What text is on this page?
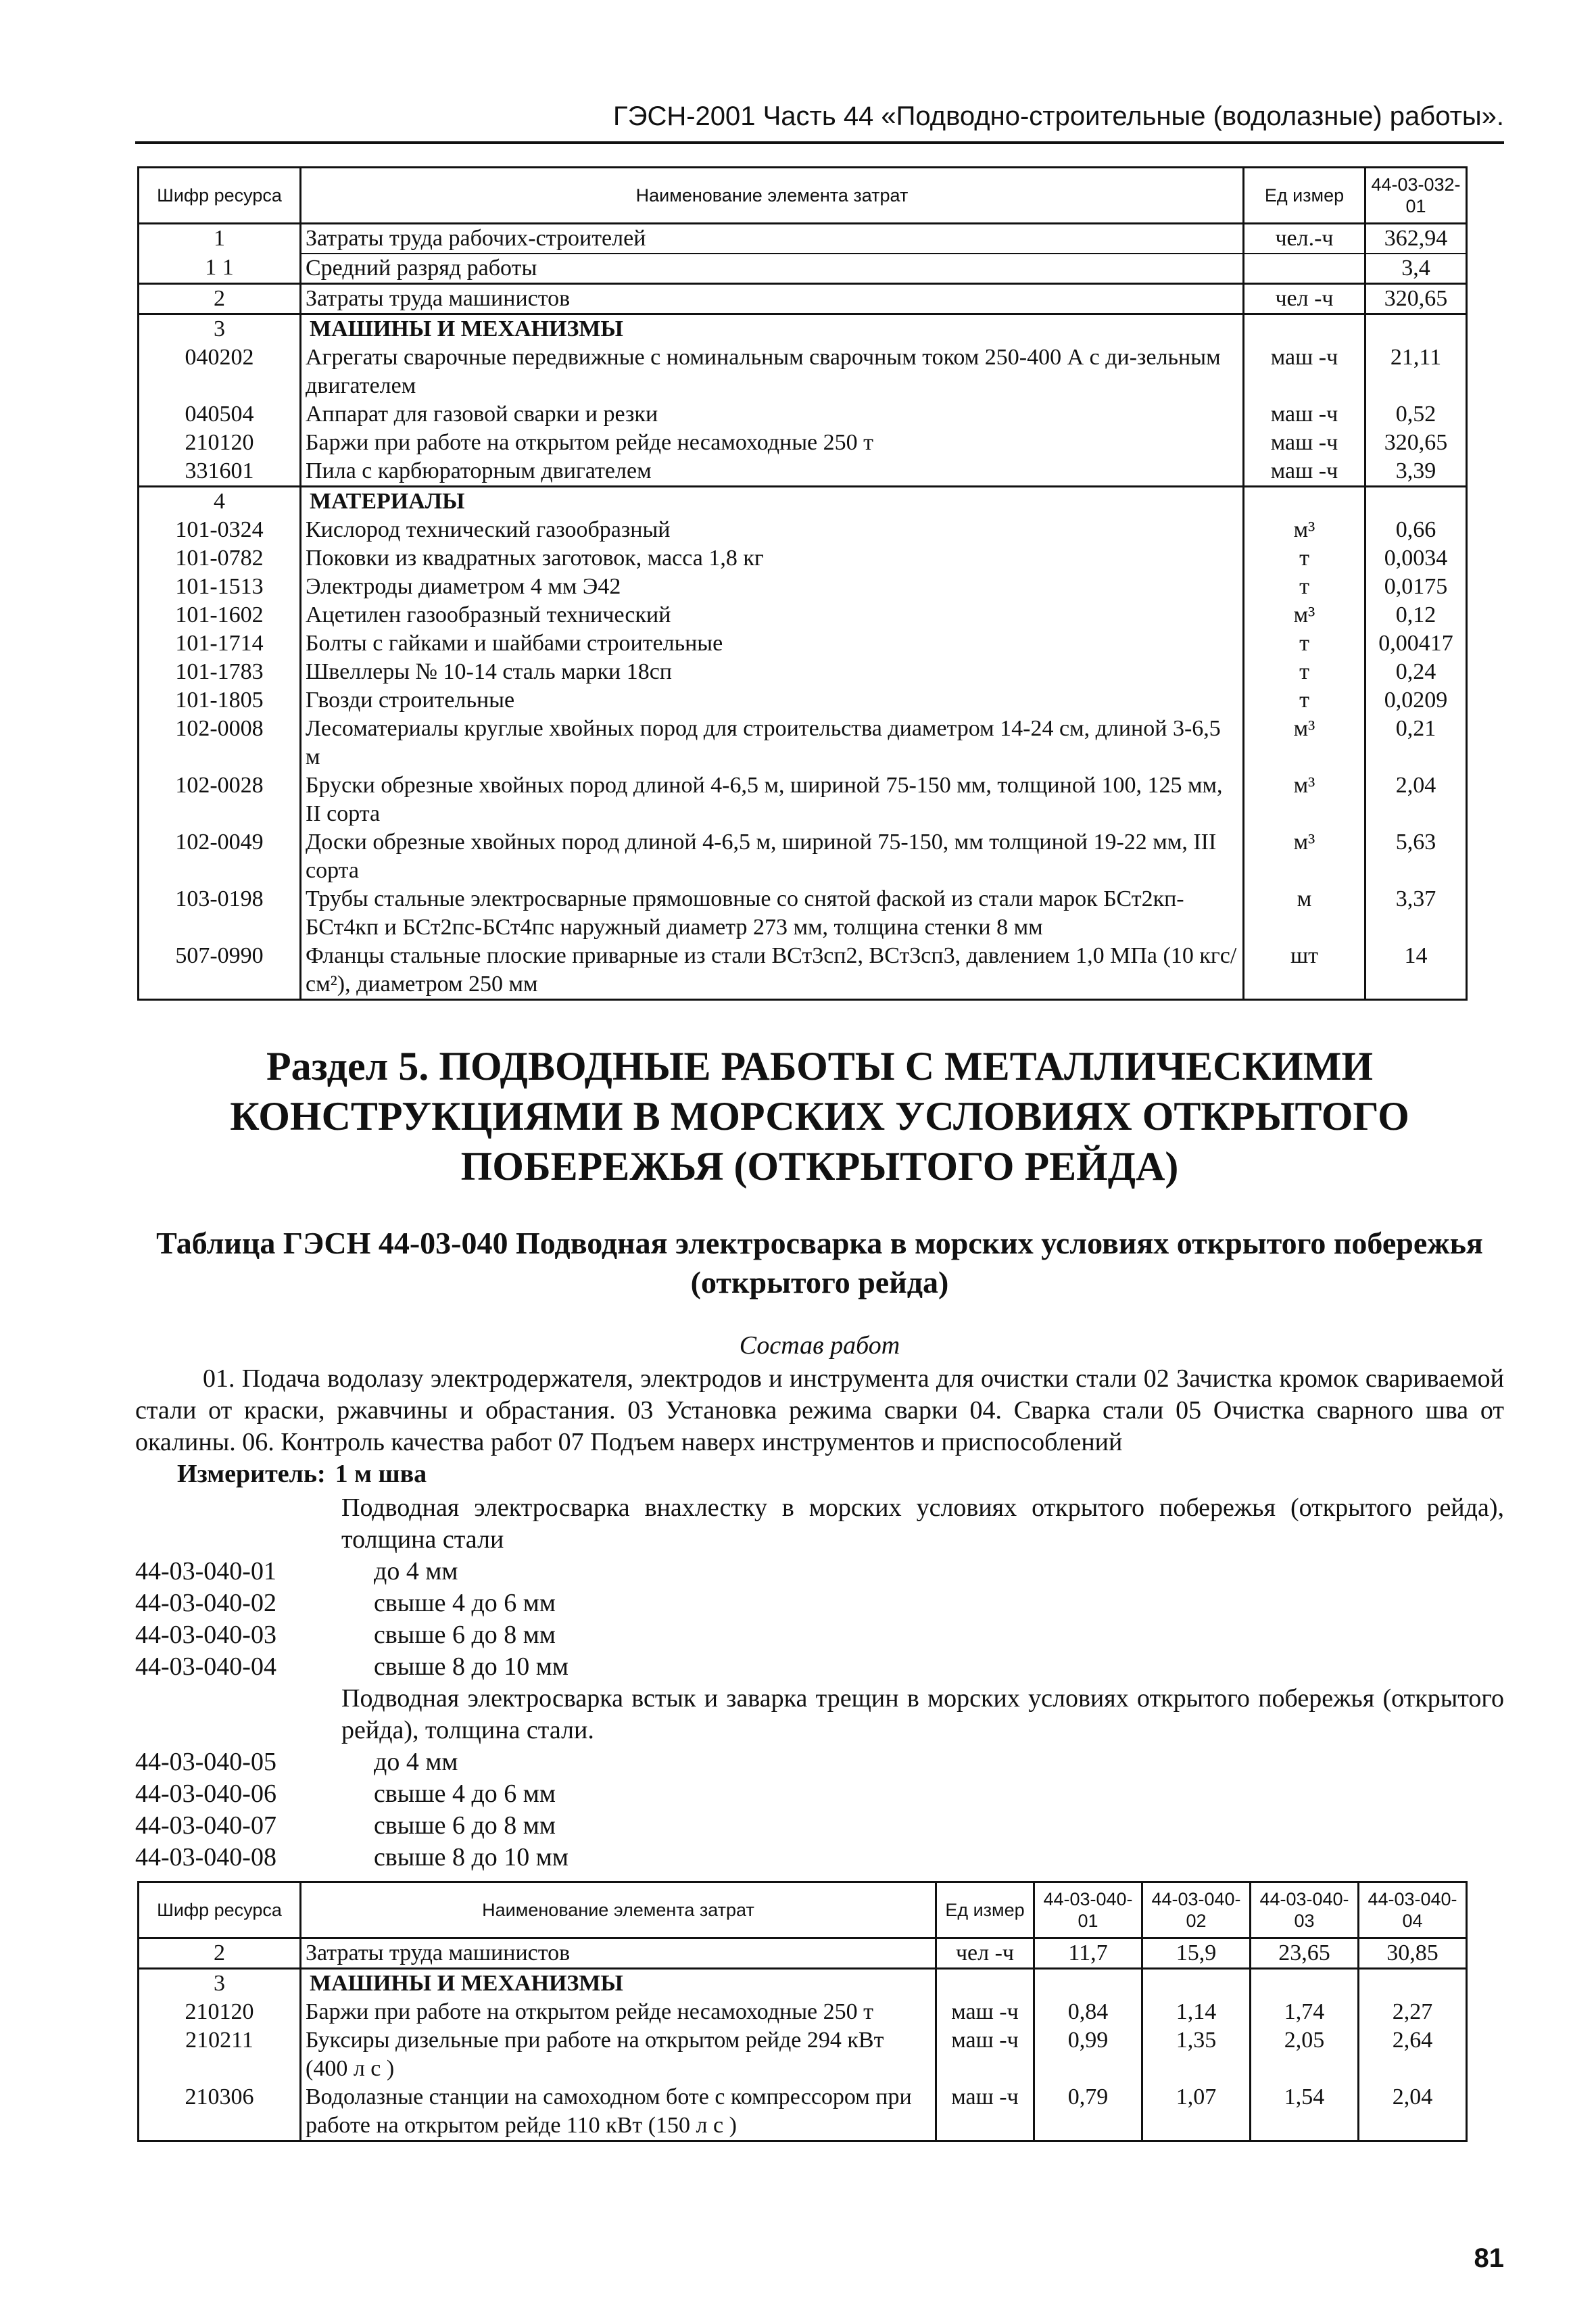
ГЭСН-2001 Часть 44 «Подводно-строительные (водолазные) работы».
Шифр ресурса	Наименование элемента затрат	Ед измер	44-03-032-01
1	Затраты труда рабочих-строителей	чел.-ч	362,94
1 1	Средний разряд работы		3,4
2	Затраты труда машинистов	чел -ч	320,65
3	МАШИНЫ И МЕХАНИЗМЫ		
040202	Агрегаты сварочные передвижные с номинальным сварочным током 250-400 А с ди-зельным двигателем	маш -ч	21,11
040504	Аппарат для газовой сварки и резки	маш -ч	0,52
210120	Баржи при работе на открытом рейде несамоходные 250 т	маш -ч	320,65
331601	Пила с карбюраторным двигателем	маш -ч	3,39
4	МАТЕРИАЛЫ		
101-0324	Кислород технический газообразный	м³	0,66
101-0782	Поковки из квадратных заготовок, масса 1,8 кг	т	0,0034
101-1513	Электроды диаметром 4 мм Э42	т	0,0175
101-1602	Ацетилен газообразный технический	м³	0,12
101-1714	Болты с гайками и шайбами строительные	т	0,00417
101-1783	Швеллеры № 10-14 сталь марки 18сп	т	0,24
101-1805	Гвозди строительные	т	0,0209
102-0008	Лесоматериалы круглые хвойных пород для строительства диаметром 14-24 см, длиной 3-6,5 м	м³	0,21
102-0028	Бруски обрезные хвойных пород длиной 4-6,5 м, шириной 75-150 мм, толщиной 100, 125 мм, II сорта	м³	2,04
102-0049	Доски обрезные хвойных пород длиной 4-6,5 м, шириной 75-150, мм толщиной 19-22 мм, III сорта	м³	5,63
103-0198	Трубы стальные электросварные прямошовные со снятой фаской из стали марок БСт2кп-БСт4кп и БСт2пс-БСт4пс наружный диаметр 273 мм, толщина стенки 8 мм	м	3,37
507-0990	Фланцы стальные плоские приварные из стали ВСт3сп2, ВСт3сп3, давлением 1,0 МПа (10 кгс/см²), диаметром 250 мм	шт	14
Раздел 5. ПОДВОДНЫЕ РАБОТЫ С МЕТАЛЛИЧЕСКИМИ КОНСТРУКЦИЯМИ В МОРСКИХ УСЛОВИЯХ ОТКРЫТОГО ПОБЕРЕЖЬЯ (ОТКРЫТОГО РЕЙДА)
Таблица ГЭСН 44-03-040 Подводная электросварка в морских условиях открытого побережья (открытого рейда)
Состав работ
01. Подача водолазу электродержателя, электродов и инструмента для очистки стали 02 Зачистка кромок свариваемой стали от краски, ржавчины и обрастания. 03 Установка режима сварки 04. Сварка стали 05 Очистка сварного шва от окалины. 06. Контроль качества работ 07 Подъем наверх инструментов и приспособлений
Измеритель: 1 м шва
Подводная электросварка внахлестку в морских условиях открытого побережья (открытого рейда), толщина стали
44-03-040-01	до 4 мм
44-03-040-02	свыше 4 до 6 мм
44-03-040-03	свыше 6 до 8 мм
44-03-040-04	свыше 8 до 10 мм
Подводная электросварка встык и заварка трещин в морских условиях открытого побережья (открытого рейда), толщина стали.
44-03-040-05	до 4 мм
44-03-040-06	свыше 4 до 6 мм
44-03-040-07	свыше 6 до 8 мм
44-03-040-08	свыше 8 до 10 мм
Шифр ресурса	Наименование элемента затрат	Ед измер	44-03-040-01	44-03-040-02	44-03-040-03	44-03-040-04
2	Затраты труда машинистов	чел -ч	11,7	15,9	23,65	30,85
3	МАШИНЫ И МЕХАНИЗМЫ					
210120	Баржи при работе на открытом рейде несамоходные 250 т	маш -ч	0,84	1,14	1,74	2,27
210211	Буксиры дизельные при работе на открытом рейде 294 кВт (400 л с )	маш -ч	0,99	1,35	2,05	2,64
210306	Водолазные станции на самоходном боте с компрессором при работе на открытом рейде 110 кВт (150 л с )	маш -ч	0,79	1,07	1,54	2,04
81
